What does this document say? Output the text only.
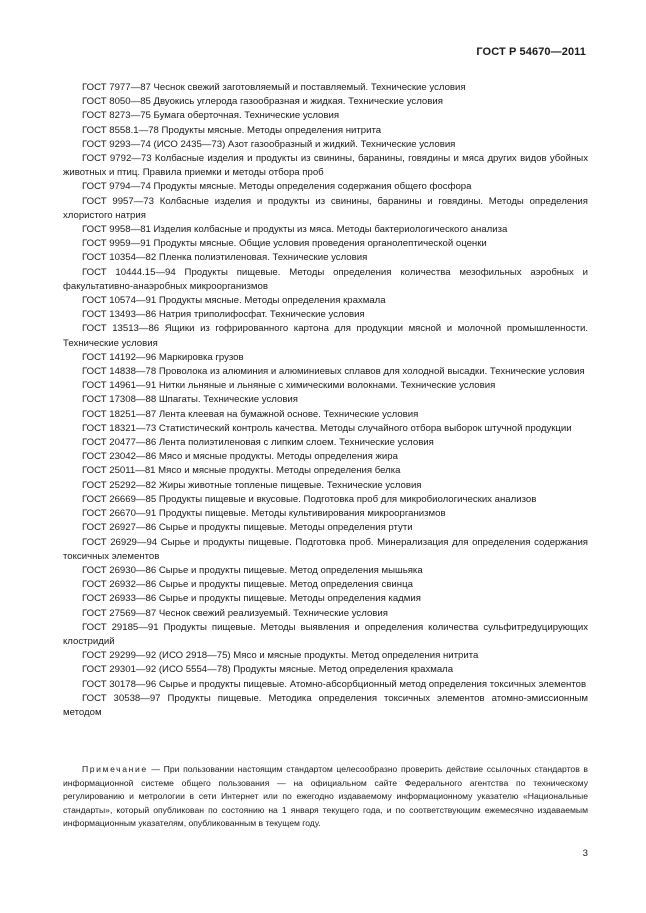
ГОСТ Р 54670—2011

ГОСТ 7977—87 Чеснок свежий заготовляемый и поставляемый. Технические условия

ГОСТ 8050—85 Двуокись углерода газообразная и жидкая. Технические условия

ГОСТ 8273—75 Бумага оберточная. Технические условия

ГОСТ 8558.1—78 Продукты мясные. Методы определения нитрита

ГОСТ 9293—74 (ИСО 2435—73) Азот газообразный и жидкий. Технические условия

ГОСТ 9792—73 Колбасные изделия и продукты из свинины, баранины, говядины и мяса других видов убойных животных и птиц. Правила приемки и методы отбора проб

ГОСТ 9794—74 Продукты мясные. Методы определения содержания общего фосфора

ГОСТ 9957—73 Колбасные изделия и продукты из свинины, баранины и говядины. Методы определения хлористого натрия

ГОСТ 9958—81 Изделия колбасные и продукты из мяса. Методы бактериологического анализа

ГОСТ 9959—91 Продукты мясные. Общие условия проведения органолептической оценки

ГОСТ 10354—82 Пленка полиэтиленовая. Технические условия

ГОСТ 10444.15—94 Продукты пищевые. Методы определения количества мезофильных аэробных и факультативно-анаэробных микроорганизмов

ГОСТ 10574—91 Продукты мясные. Методы определения крахмала

ГОСТ 13493—86 Натрия триполифосфат. Технические условия

ГОСТ 13513—86 Ящики из гофрированного картона для продукции мясной и молочной промышленности. Технические условия

ГОСТ 14192—96 Маркировка грузов

ГОСТ 14838—78 Проволока из алюминия и алюминиевых сплавов для холодной высадки. Технические условия

ГОСТ 14961—91 Нитки льняные и льняные с химическими волокнами. Технические условия

ГОСТ 17308—88 Шпагаты. Технические условия

ГОСТ 18251—87 Лента клеевая на бумажной основе. Технические условия

ГОСТ 18321—73 Статистический контроль качества. Методы случайного отбора выборок штучной продукции

ГОСТ 20477—86 Лента полиэтиленовая с липким слоем. Технические условия

ГОСТ 23042—86 Мясо и мясные продукты. Методы определения жира

ГОСТ 25011—81 Мясо и мясные продукты. Методы определения белка

ГОСТ 25292—82 Жиры животные топленые пищевые. Технические условия

ГОСТ 26669—85 Продукты пищевые и вкусовые. Подготовка проб для микробиологических анализов

ГОСТ 26670—91 Продукты пищевые. Методы культивирования микроорганизмов

ГОСТ 26927—86 Сырье и продукты пищевые. Методы определения ртути

ГОСТ 26929—94 Сырье и продукты пищевые. Подготовка проб. Минерализация для определения содержания токсичных элементов

ГОСТ 26930—86 Сырье и продукты пищевые. Метод определения мышьяка

ГОСТ 26932—86 Сырье и продукты пищевые. Метод определения свинца

ГОСТ 26933—86 Сырье и продукты пищевые. Методы определения кадмия

ГОСТ 27569—87 Чеснок свежий реализуемый. Технические условия

ГОСТ 29185—91 Продукты пищевые. Методы выявления и определения количества сульфитредуцирующих клостридий

ГОСТ 29299—92 (ИСО 2918—75) Мясо и мясные продукты. Метод определения нитрита

ГОСТ 29301—92 (ИСО 5554—78) Продукты мясные. Метод определения крахмала

ГОСТ 30178—96 Сырье и продукты пищевые. Атомно-абсорбционный метод определения токсичных элементов

ГОСТ 30538—97 Продукты пищевые. Методика определения токсичных элементов атомно-эмиссионным методом

Примечание — При пользовании настоящим стандартом целесообразно проверить действие ссылочных стандартов в информационной системе общего пользования — на официальном сайте Федерального агентства по техническому регулированию и метрологии в сети Интернет или по ежегодно издаваемому информационному указателю «Национальные стандарты», который опубликован по состоянию на 1 января текущего года, и по соответствующим ежемесячно издаваемым информационным указателям, опубликованным в текущем году.
3
